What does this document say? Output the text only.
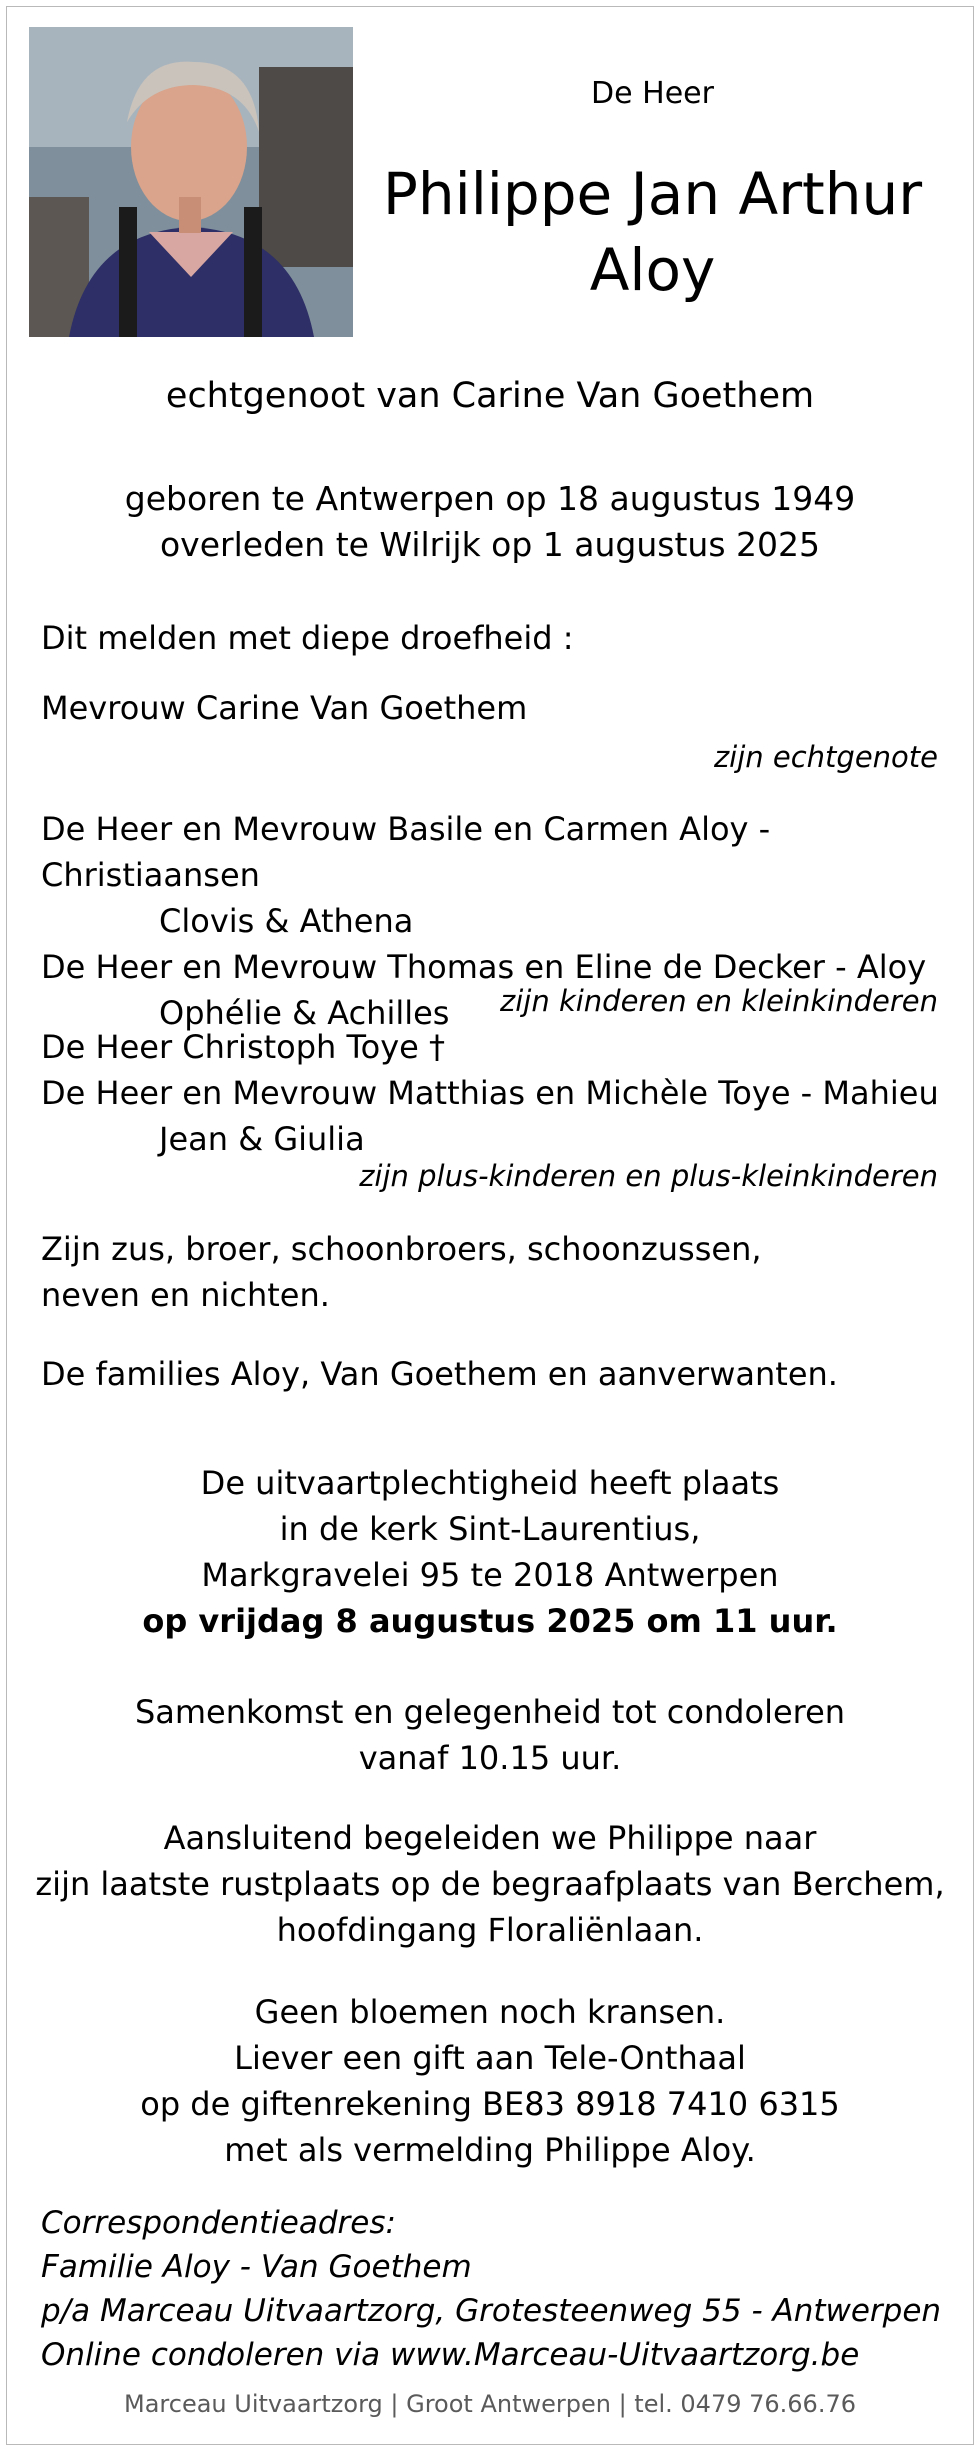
De Heer
Philippe Jan Arthur
Aloy
echtgenoot van Carine Van Goethem
geboren te Antwerpen op 18 augustus 1949
overleden te Wilrijk op 1 augustus 2025
Dit melden met diepe droefheid :
Mevrouw Carine Van Goethem
zijn echtgenote
De Heer en Mevrouw Basile en Carmen Aloy - Christiaansen
Clovis & Athena
De Heer en Mevrouw Thomas en Eline de Decker - Aloy
Ophélie & Achilles	zijn kinderen en kleinkinderen
De Heer Christoph Toye †
De Heer en Mevrouw Matthias en Michèle Toye - Mahieu
Jean & Giulia
zijn plus-kinderen en plus-kleinkinderen
Zijn zus, broer, schoonbroers, schoonzussen,
neven en nichten.
De families Aloy, Van Goethem en aanverwanten.
De uitvaartplechtigheid heeft plaats
in de kerk Sint-Laurentius,
Markgravelei 95 te 2018 Antwerpen
op vrijdag 8 augustus 2025 om 11 uur.
Samenkomst en gelegenheid tot condoleren
vanaf 10.15 uur.
Aansluitend begeleiden we Philippe naar
zijn laatste rustplaats op de begraafplaats van Berchem,
hoofdingang Floraliënlaan.
Geen bloemen noch kransen.
Liever een gift aan Tele-Onthaal
op de giftenrekening BE83 8918 7410 6315
met als vermelding Philippe Aloy.
Correspondentieadres:
Familie Aloy - Van Goethem
p/a Marceau Uitvaartzorg, Grotesteenweg 55 - Antwerpen
Online condoleren via www.Marceau-Uitvaartzorg.be
Marceau Uitvaartzorg | Groot Antwerpen | tel. 0479 76.66.76
